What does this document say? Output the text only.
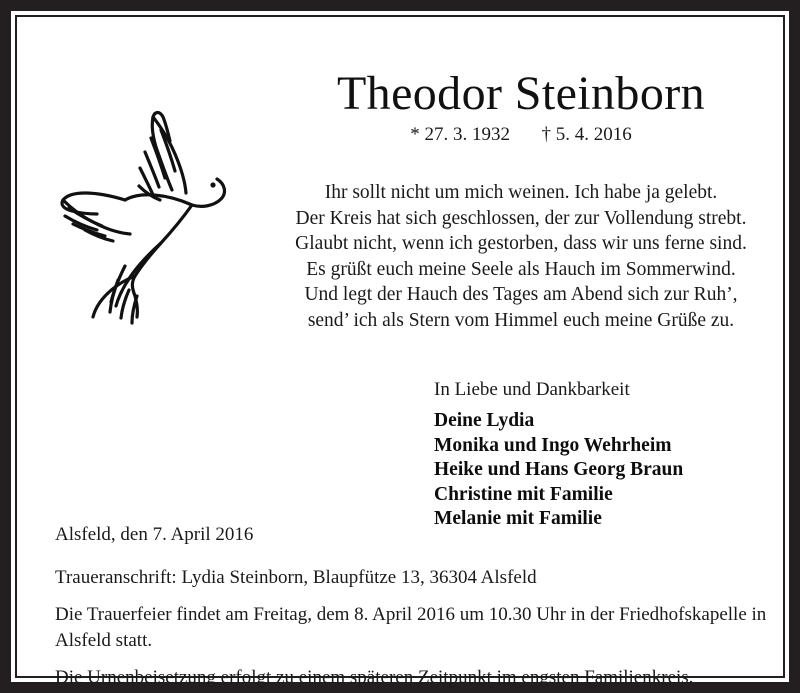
Theodor Steinborn
* 27. 3. 1932 † 5. 4. 2016
Ihr sollt nicht um mich weinen. Ich habe ja gelebt.
Der Kreis hat sich geschlossen, der zur Vollendung strebt.
Glaubt nicht, wenn ich gestorben, dass wir uns ferne sind.
Es grüßt euch meine Seele als Hauch im Sommerwind.
Und legt der Hauch des Tages am Abend sich zur Ruh’,
send’ ich als Stern vom Himmel euch meine Grüße zu.
In Liebe und Dankbarkeit
Deine Lydia
Monika und Ingo Wehrheim
Heike und Hans Georg Braun
Christine mit Familie
Melanie mit Familie
Alsfeld, den 7. April 2016
Traueranschrift: Lydia Steinborn, Blaupfütze 13, 36304 Alsfeld
Die Trauerfeier findet am Freitag, dem 8. April 2016 um 10.30 Uhr in der Friedhofskapelle in Alsfeld statt.
Die Urnenbeisetzung erfolgt zu einem späteren Zeitpunkt im engsten Familienkreis.
